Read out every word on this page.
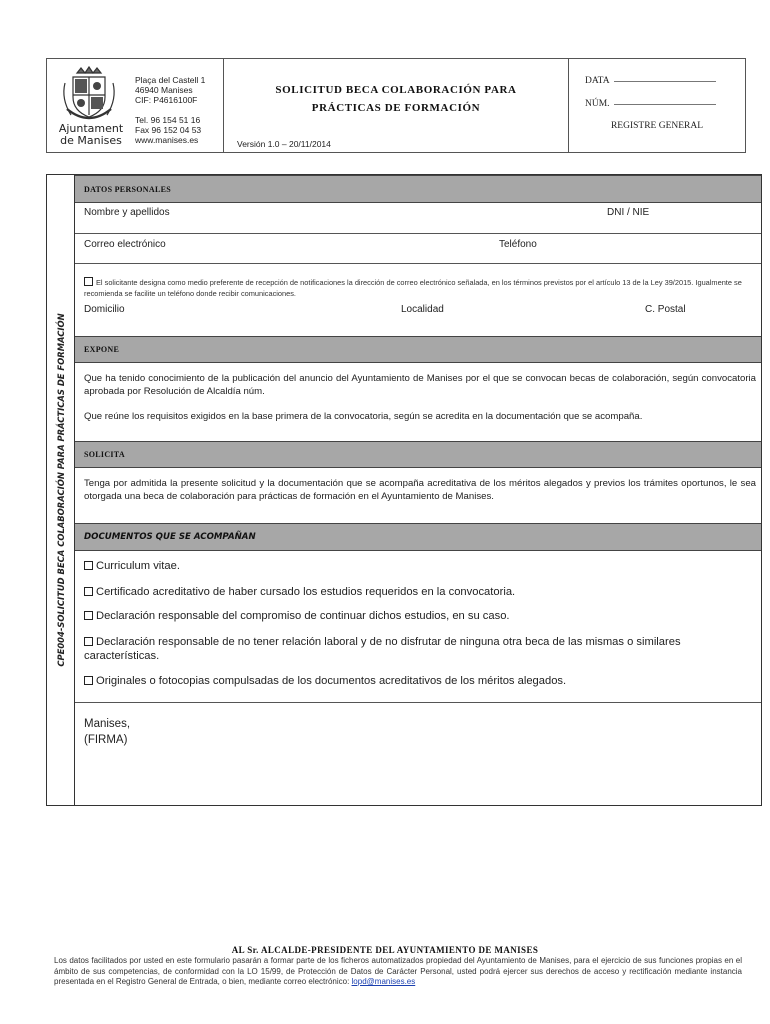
Ajuntament
de Manises
Plaça del Castell 1
46940 Manises
CIF: P4616100F
Tel. 96 154 51 16
Fax 96 152 04 53
www.manises.es
SOLICITUD BECA COLABORACIÓN PARA
PRÁCTICAS DE FORMACIÓN
Versión 1.0 – 20/11/2014
DATA
NÚM.
REGISTRE GENERAL
CPE004-SOLICITUD BECA COLABORACIÓN PARA PRÁCTICAS DE FORMACIÓN
DATOS PERSONALES
Nombre y apellidos	DNI / NIE
Correo electrónico	Teléfono
El solicitante designa como medio preferente de recepción de notificaciones la dirección de correo electrónico señalada, en los términos previstos por el artículo 13 de la Ley 39/2015. Igualmente se recomienda se facilite un teléfono donde recibir comunicaciones.
Domicilio	Localidad	C. Postal
EXPONE
Que ha tenido conocimiento de la publicación del anuncio del Ayuntamiento de Manises por el que se convocan becas de colaboración, según convocatoria aprobada por Resolución de Alcaldía núm.
Que reúne los requisitos exigidos en la base primera de la convocatoria, según se acredita en la documentación que se acompaña.
SOLICITA
Tenga por admitida la presente solicitud y la documentación que se acompaña acreditativa de los méritos alegados y previos los trámites oportunos, le sea otorgada una beca de colaboración para prácticas de formación en el Ayuntamiento de Manises.
DOCUMENTOS QUE SE ACOMPAÑAN
Curriculum vitae.
Certificado acreditativo de haber cursado los estudios requeridos en la convocatoria.
Declaración responsable del compromiso de continuar dichos estudios, en su caso.
Declaración responsable de no tener relación laboral y de no disfrutar de ninguna otra beca de las mismas o similares características.
Originales o fotocopias compulsadas de los documentos acreditativos de los méritos alegados.
Manises,
(FIRMA)
AL Sr. ALCALDE-PRESIDENTE DEL AYUNTAMIENTO DE MANISES
Los datos facilitados por usted en este formulario pasarán a formar parte de los ficheros automatizados propiedad del Ayuntamiento de Manises, para el ejercicio de sus funciones propias en el ámbito de sus competencias, de conformidad con la LO 15/99, de Protección de Datos de Carácter Personal, usted podrá ejercer sus derechos de acceso y rectificación mediante instancia presentada en el Registro General de Entrada, o bien, mediante correo electrónico: lopd@manises.es
